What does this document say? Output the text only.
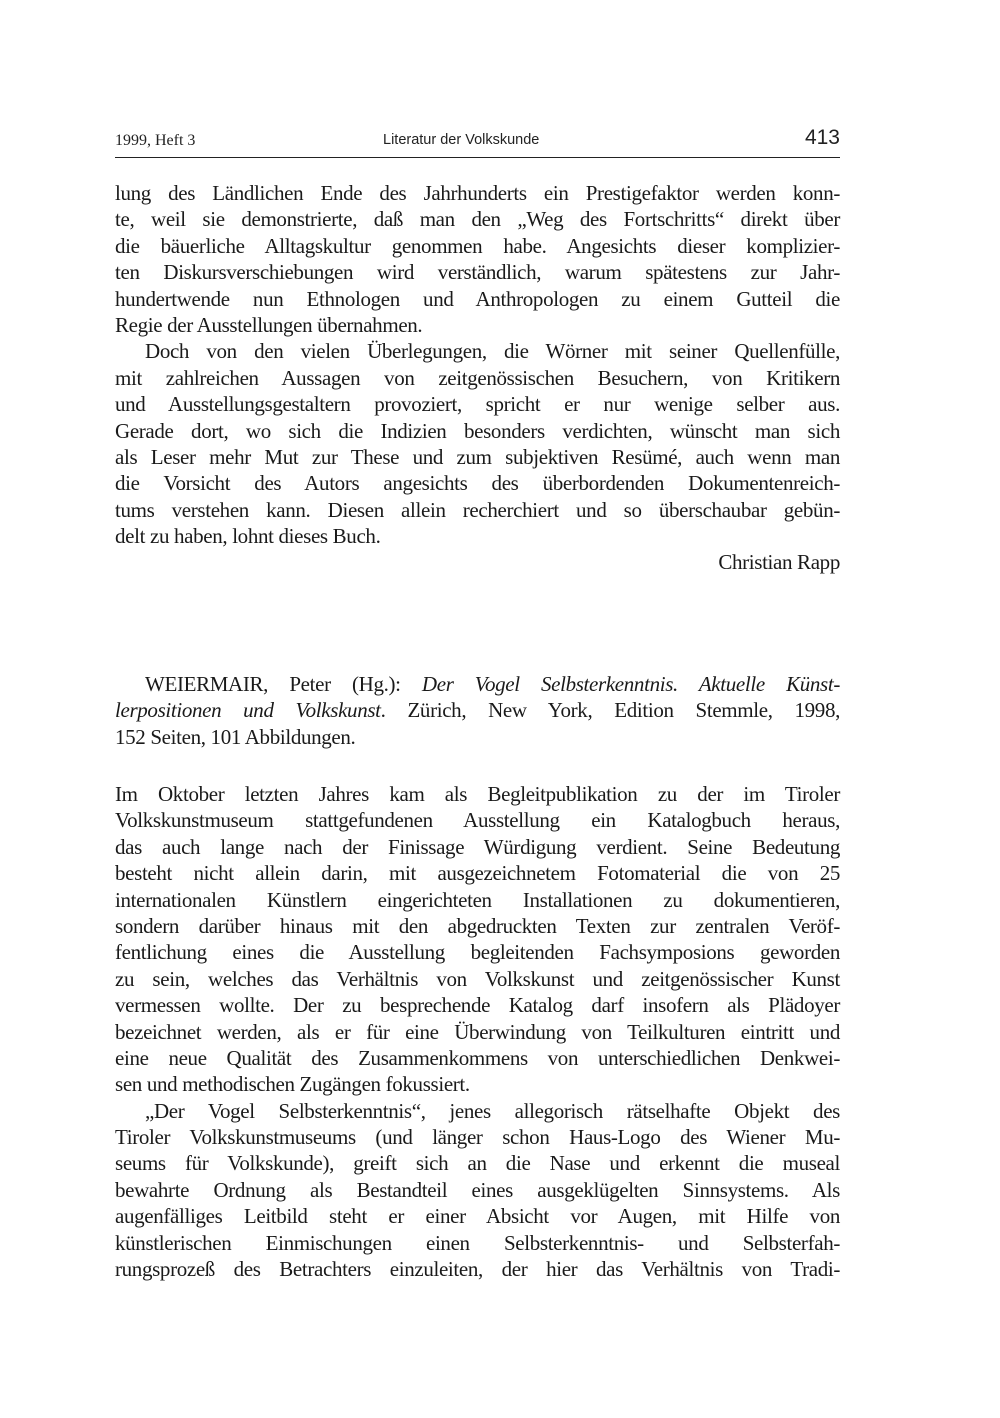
1999, Heft 3	Literatur der Volkskunde	413
lung des Ländlichen Ende des Jahrhunderts ein Prestigefaktor werden konn-
te, weil sie demonstrierte, daß man den „Weg des Fortschritts“ direkt über
die bäuerliche Alltagskultur genommen habe. Angesichts dieser komplizier-
ten Diskursverschiebungen wird verständlich, warum spätestens zur Jahr-
hundertwende nun Ethnologen und Anthropologen zu einem Gutteil die
Regie der Ausstellungen übernahmen.
Doch von den vielen Überlegungen, die Wörner mit seiner Quellenfülle,
mit zahlreichen Aussagen von zeitgenössischen Besuchern, von Kritikern
und Ausstellungsgestaltern provoziert, spricht er nur wenige selber aus.
Gerade dort, wo sich die Indizien besonders verdichten, wünscht man sich
als Leser mehr Mut zur These und zum subjektiven Resümé, auch wenn man
die Vorsicht des Autors angesichts des überbordenden Dokumentenreich-
tums verstehen kann. Diesen allein recherchiert und so überschaubar gebün-
delt zu haben, lohnt dieses Buch.

Christian Rapp

WEIERMAIR, Peter (Hg.): Der Vogel Selbsterkenntnis. Aktuelle Künst-
lerpositionen und Volkskunst. Zürich, New York, Edition Stemmle, 1998,
152 Seiten, 101 Abbildungen.
Im Oktober letzten Jahres kam als Begleitpublikation zu der im Tiroler
Volkskunstmuseum stattgefundenen Ausstellung ein Katalogbuch heraus,
das auch lange nach der Finissage Würdigung verdient. Seine Bedeutung
besteht nicht allein darin, mit ausgezeichnetem Fotomaterial die von 25
internationalen Künstlern eingerichteten Installationen zu dokumentieren,
sondern darüber hinaus mit den abgedruckten Texten zur zentralen Veröf-
fentlichung eines die Ausstellung begleitenden Fachsymposions geworden
zu sein, welches das Verhältnis von Volkskunst und zeitgenössischer Kunst
vermessen wollte. Der zu besprechende Katalog darf insofern als Plädoyer
bezeichnet werden, als er für eine Überwindung von Teilkulturen eintritt und
eine neue Qualität des Zusammenkommens von unterschiedlichen Denkwei-
sen und methodischen Zugängen fokussiert.
„Der Vogel Selbsterkenntnis“, jenes allegorisch rätselhafte Objekt des
Tiroler Volkskunstmuseums (und länger schon Haus-Logo des Wiener Mu-
seums für Volkskunde), greift sich an die Nase und erkennt die museal
bewahrte Ordnung als Bestandteil eines ausgeklügelten Sinnsystems. Als
augenfälliges Leitbild steht er einer Absicht vor Augen, mit Hilfe von
künstlerischen Einmischungen einen Selbsterkenntnis- und Selbsterfah-
rungsprozeß des Betrachters einzuleiten, der hier das Verhältnis von Tradi-
